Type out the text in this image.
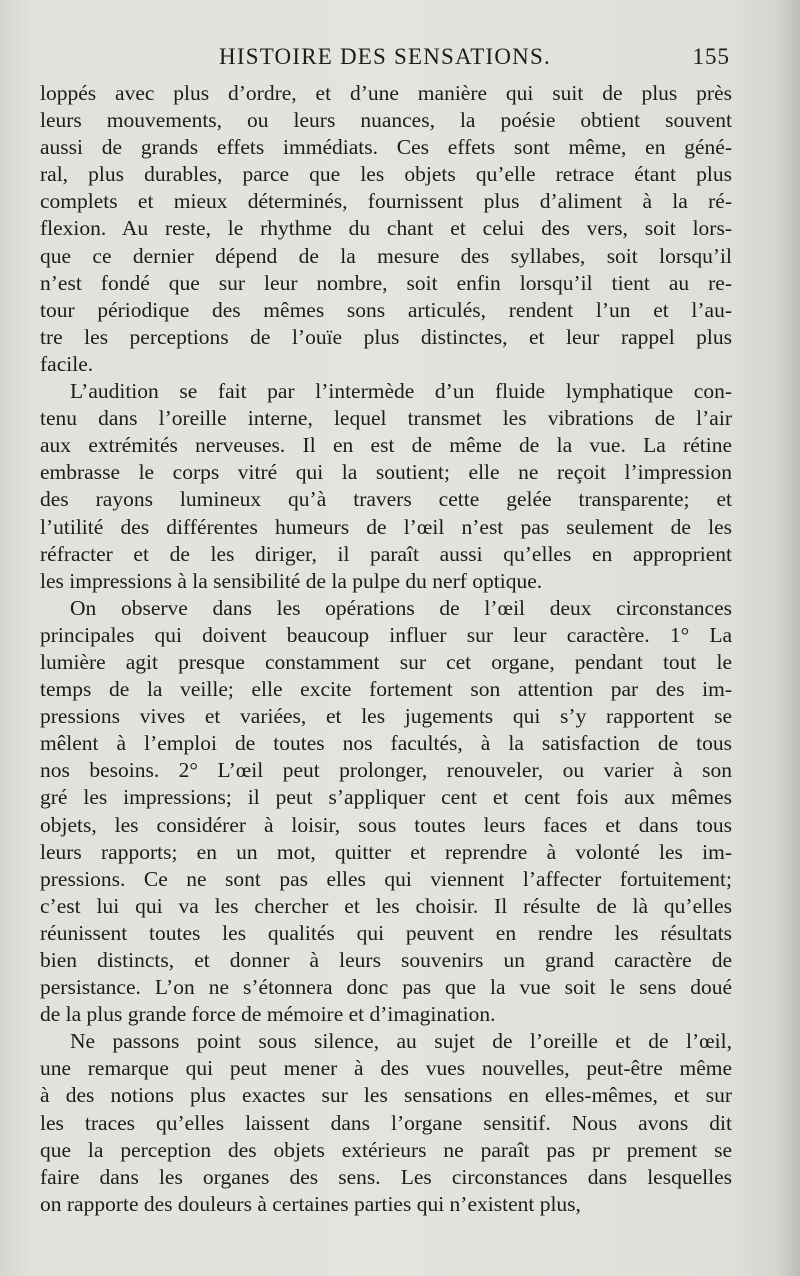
HISTOIRE DES SENSATIONS.	155
loppés avec plus d’ordre, et d’une manière qui suit de plus près
leurs mouvements, ou leurs nuances, la poésie obtient souvent
aussi de grands effets immédiats. Ces effets sont même, en géné-
ral, plus durables, parce que les objets qu’elle retrace étant plus
complets et mieux déterminés, fournissent plus d’aliment à la ré-
flexion. Au reste, le rhythme du chant et celui des vers, soit lors-
que ce dernier dépend de la mesure des syllabes, soit lorsqu’il
n’est fondé que sur leur nombre, soit enfin lorsqu’il tient au re-
tour périodique des mêmes sons articulés, rendent l’un et l’au-
tre les perceptions de l’ouïe plus distinctes, et leur rappel plus
facile.
L’audition se fait par l’intermède d’un fluide lymphatique con-
tenu dans l’oreille interne, lequel transmet les vibrations de l’air
aux extrémités nerveuses. Il en est de même de la vue. La rétine
embrasse le corps vitré qui la soutient; elle ne reçoit l’impression
des rayons lumineux qu’à travers cette gelée transparente; et
l’utilité des différentes humeurs de l’œil n’est pas seulement de les
réfracter et de les diriger, il paraît aussi qu’elles en approprient
les impressions à la sensibilité de la pulpe du nerf optique.
On observe dans les opérations de l’œil deux circonstances
principales qui doivent beaucoup influer sur leur caractère. 1° La
lumière agit presque constamment sur cet organe, pendant tout le
temps de la veille; elle excite fortement son attention par des im-
pressions vives et variées, et les jugements qui s’y rapportent se
mêlent à l’emploi de toutes nos facultés, à la satisfaction de tous
nos besoins. 2° L’œil peut prolonger, renouveler, ou varier à son
gré les impressions; il peut s’appliquer cent et cent fois aux mêmes
objets, les considérer à loisir, sous toutes leurs faces et dans tous
leurs rapports; en un mot, quitter et reprendre à volonté les im-
pressions. Ce ne sont pas elles qui viennent l’affecter fortuitement;
c’est lui qui va les chercher et les choisir. Il résulte de là qu’elles
réunissent toutes les qualités qui peuvent en rendre les résultats
bien distincts, et donner à leurs souvenirs un grand caractère de
persistance. L’on ne s’étonnera donc pas que la vue soit le sens doué
de la plus grande force de mémoire et d’imagination.
Ne passons point sous silence, au sujet de l’oreille et de l’œil,
une remarque qui peut mener à des vues nouvelles, peut-être même
à des notions plus exactes sur les sensations en elles-mêmes, et sur
les traces qu’elles laissent dans l’organe sensitif. Nous avons dit
que la perception des objets extérieurs ne paraît pas pr prement se
faire dans les organes des sens. Les circonstances dans lesquelles
on rapporte des douleurs à certaines parties qui n’existent plus,
